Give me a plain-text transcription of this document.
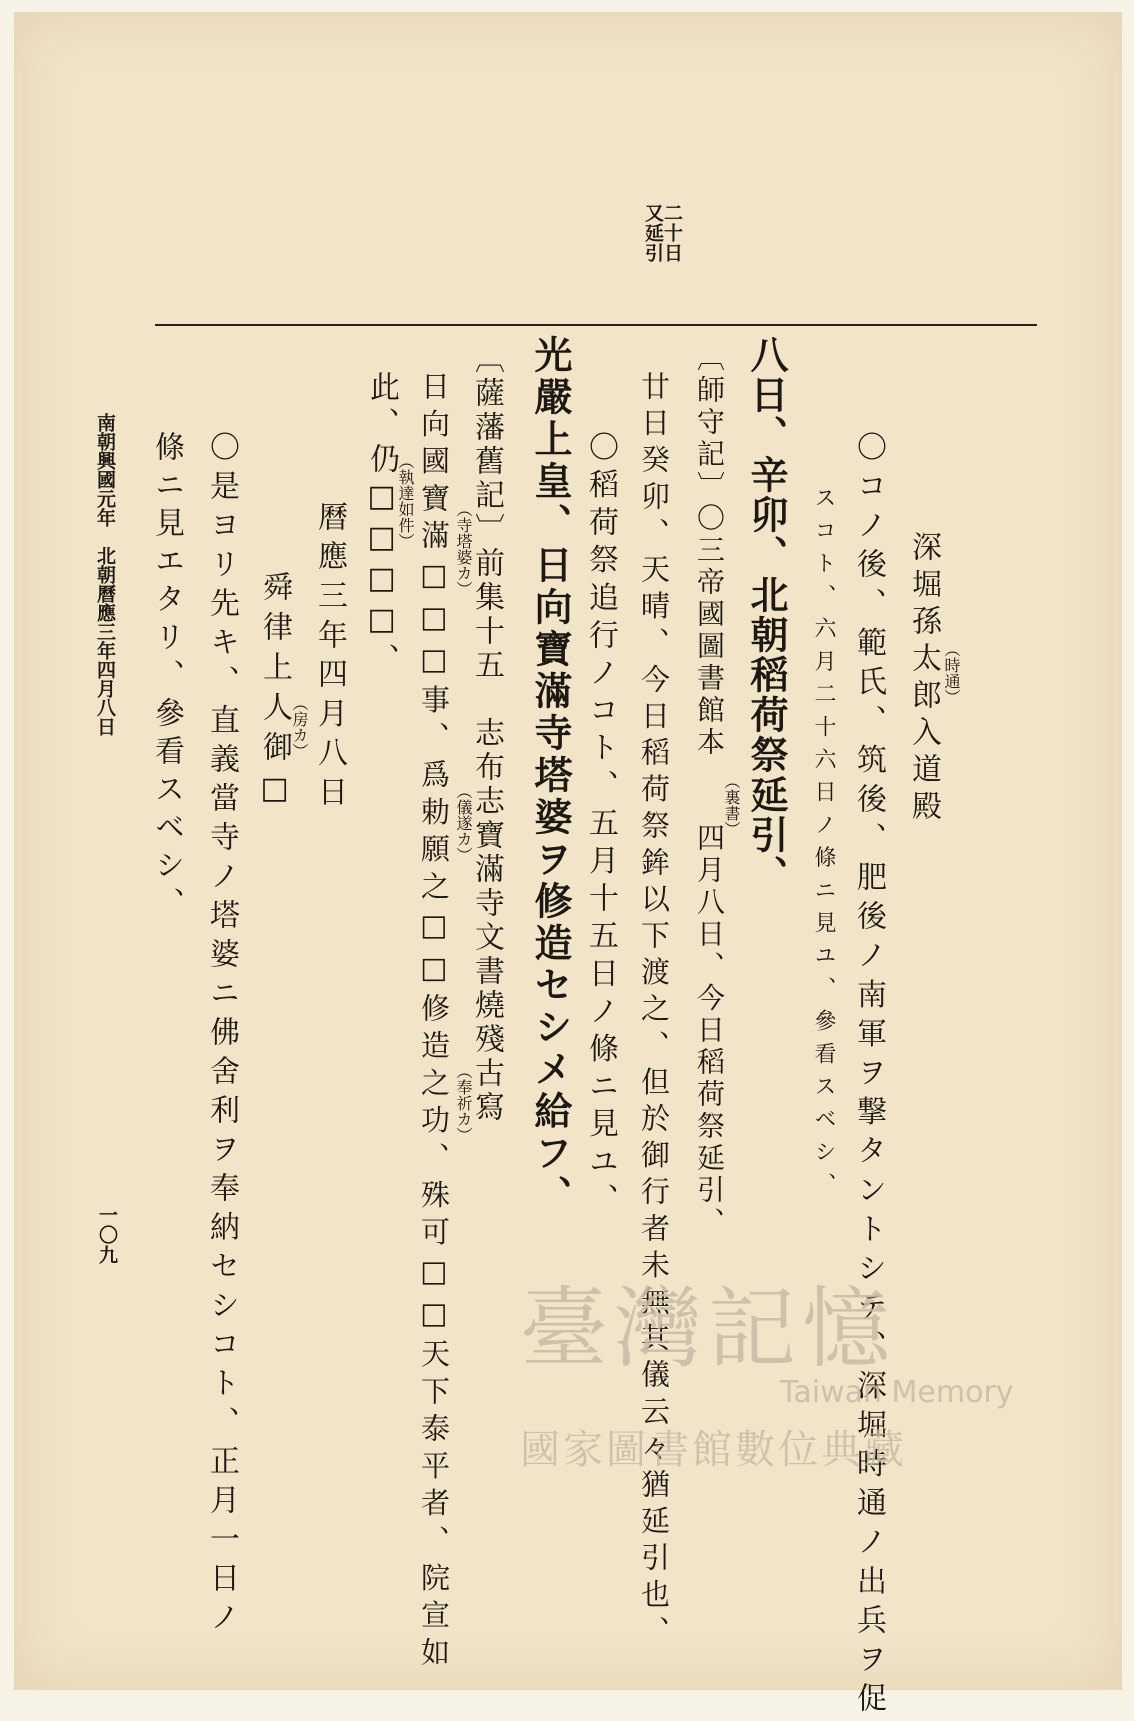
二十日又延引
深堀孫太郎入道殿
〇コノ後、範氏、筑後、肥後ノ南軍ヲ撃タントシテ、深堀時通ノ出兵ヲ促
スコト、六月二十六日ノ條ニ見ユ、參看スベシ、
八日、辛卯、北朝稻荷祭延引、
〔師守記〕〇三帝國圖書館本　　四月八日、今日稻荷祭延引、
廿日癸卯、天晴、今日稻荷祭鉾以下渡之、但於御行者未無其儀云々猶延引也、
〇稻荷祭追行ノコト、五月十五日ノ條ニ見ユ、
光嚴上皇、日向寶滿寺塔婆ヲ修造セシメ給フ、
〔薩藩舊記〕前集十五　志布志寶滿寺文書燒殘古寫
日向國寶滿□□□事、爲勅願之□□修造之功、殊可□□天下泰平者、院宣如
此、仍□□□□、
曆應三年四月八日
舜律上人御□
〇是ヨリ先キ、直義當寺ノ塔婆ニ佛舍利ヲ奉納セシコト、正月一日ノ
條ニ見エタリ、參看スベシ、	（時通）
（裏書）
（寺塔婆カ）
（儀遂カ）
（奉祈カ）
（執達如件）
（房カ）
南朝興國元年　北朝曆應三年四月八日
一〇九
臺灣記憶
Taiwan Memory
國家圖書館數位典藏
